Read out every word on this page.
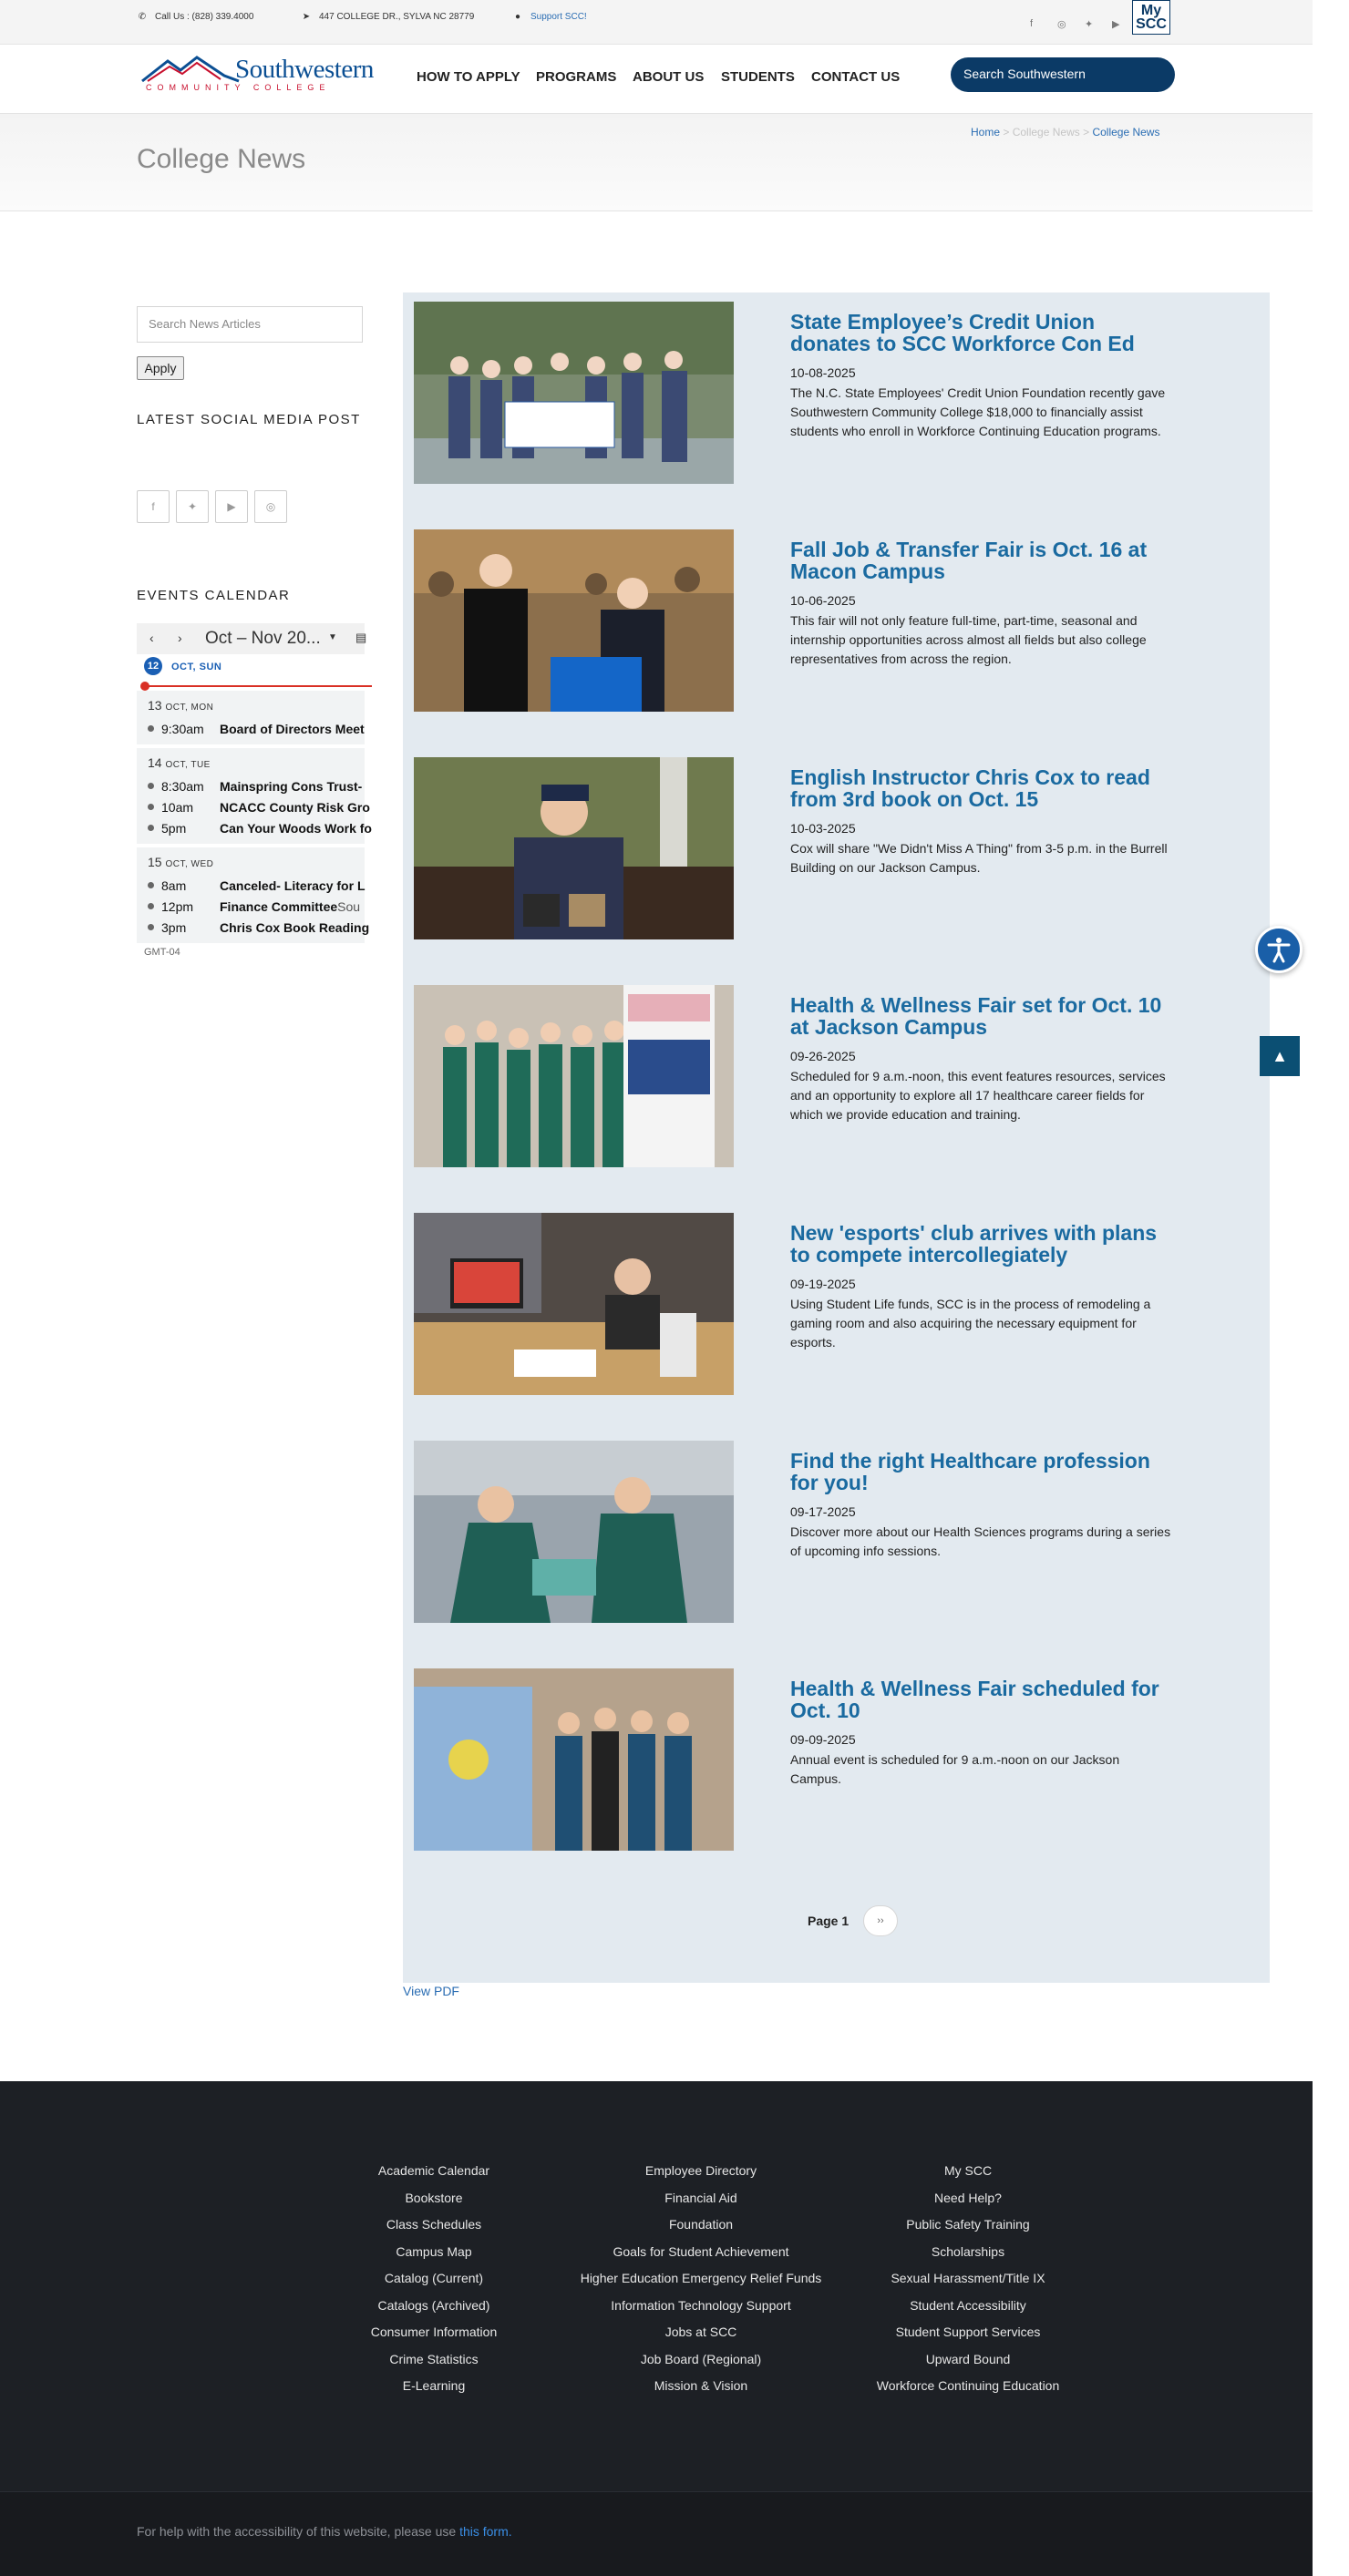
✆ Call Us : (828) 339.4000	➤ 447 COLLEGE DR., SYLVA NC 28779	● Support SCC!
f ◎ ✦ ▶
My
SCC
Southwestern
COMMUNITY COLLEGE
HOW TO APPLY PROGRAMS ABOUT US STUDENTS CONTACT US	Search Southwestern
College News
Home > College News > College News
Search News Articles
Apply
LATEST SOCIAL MEDIA POST
f	✦	▶	◎
EVENTS CALENDAR
‹ › Oct – Nov 20... ▼ ▤
12	OCT, SUN
13 OCT, MON
9:30am	Board of Directors Meet
14 OCT, TUE
8:30am	Mainspring Cons Trust-
10am	NCACC County Risk Gro
5pm	Can Your Woods Work fo
15 OCT, WED
8am	Canceled- Literacy for L
12pm	Finance Committee Sou
3pm	Chris Cox Book Reading
GMT-04
State Employee’s Credit Union donates to SCC Workforce Con Ed
10-08-2025
The N.C. State Employees' Credit Union Foundation recently gave Southwestern Community College $18,000 to financially assist students who enroll in Workforce Continuing Education programs.
Fall Job & Transfer Fair is Oct. 16 at Macon Campus
10-06-2025
This fair will not only feature full-time, part-time, seasonal and internship opportunities across almost all fields but also college representatives from across the region.
English Instructor Chris Cox to read from 3rd book on Oct. 15
10-03-2025
Cox will share "We Didn't Miss A Thing" from 3-5 p.m. in the Burrell Building on our Jackson Campus.
Health & Wellness Fair set for Oct. 10 at Jackson Campus
09-26-2025
Scheduled for 9 a.m.-noon, this event features resources, services and an opportunity to explore all 17 healthcare career fields for which we provide education and training.
New 'esports' club arrives with plans to compete intercollegiately
09-19-2025
Using Student Life funds, SCC is in the process of remodeling a gaming room and also acquiring the necessary equipment for esports.
Find the right Healthcare profession for you!
09-17-2025
Discover more about our Health Sciences programs during a series of upcoming info sessions.
Health & Wellness Fair scheduled for Oct. 10
09-09-2025
Annual event is scheduled for 9 a.m.-noon on our Jackson Campus.
Page 1	››
View PDF
▲
Academic Calendar
Bookstore
Class Schedules
Campus Map
Catalog (Current)
Catalogs (Archived)
Consumer Information
Crime Statistics
E-Learning
Employee Directory
Financial Aid
Foundation
Goals for Student Achievement
Higher Education Emergency Relief Funds
Information Technology Support
Jobs at SCC
Job Board (Regional)
Mission & Vision
My SCC
Need Help?
Public Safety Training
Scholarships
Sexual Harassment/Title IX
Student Accessibility
Student Support Services
Upward Bound
Workforce Continuing Education

For help with the accessibility of this website, please use this form.
